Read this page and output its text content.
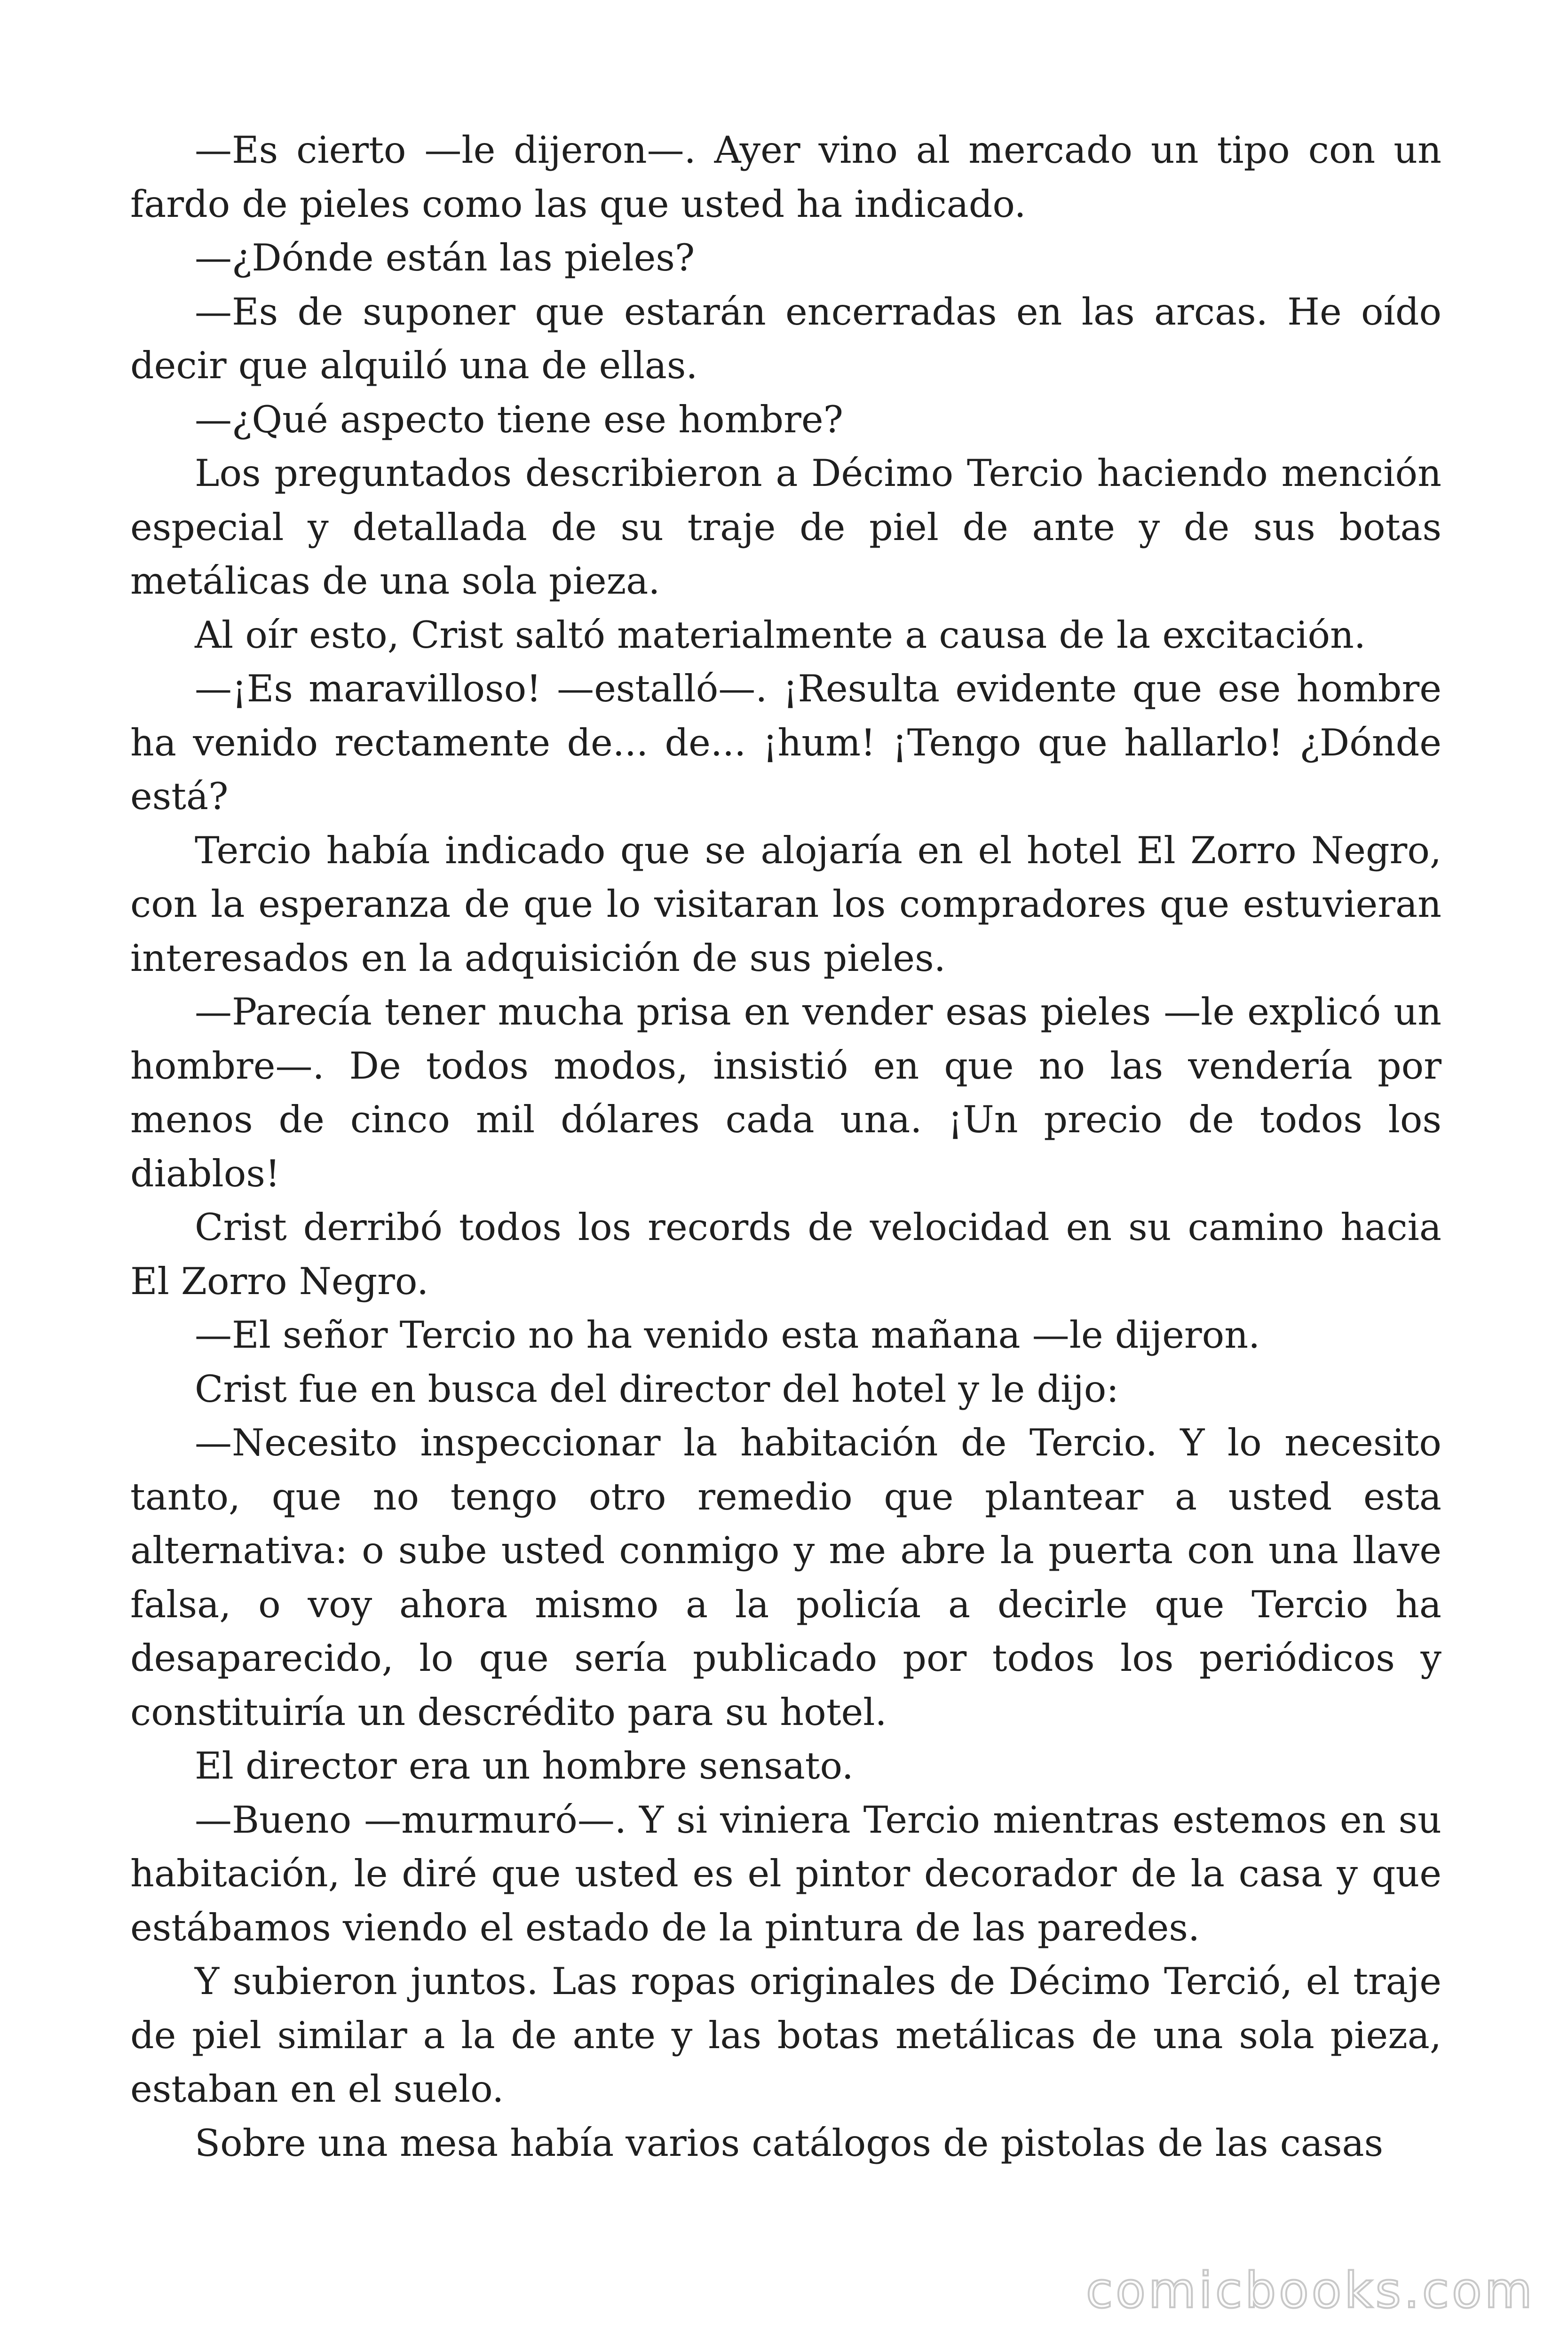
—Es cierto —le dijeron—. Ayer vino al mercado un tipo con un fardo de pieles como las que usted ha indicado.

—¿Dónde están las pieles?

—Es de suponer que estarán encerradas en las arcas. He oído decir que alquiló una de ellas.

—¿Qué aspecto tiene ese hombre?

Los preguntados describieron a Décimo Tercio haciendo mención especial y detallada de su traje de piel de ante y de sus botas metálicas de una sola pieza.

Al oír esto, Crist saltó materialmente a causa de la excitación.

—¡Es maravilloso! —estalló—. ¡Resulta evidente que ese hombre ha venido rectamente de... de... ¡hum! ¡Tengo que hallarlo! ¿Dónde está?

Tercio había indicado que se alojaría en el hotel El Zorro Negro, con la esperanza de que lo visitaran los compradores que estuvieran interesados en la adquisición de sus pieles.

—Parecía tener mucha prisa en vender esas pieles —le explicó un hombre—. De todos modos, insistió en que no las vendería por menos de cinco mil dólares cada una. ¡Un precio de todos los diablos!

Crist derribó todos los records de velocidad en su camino hacia El Zorro Negro.

—El señor Tercio no ha venido esta mañana —le dijeron.

Crist fue en busca del director del hotel y le dijo:

—Necesito inspeccionar la habitación de Tercio. Y lo necesito tanto, que no tengo otro remedio que plantear a usted esta alternativa: o sube usted conmigo y me abre la puerta con una llave falsa, o voy ahora mismo a la policía a decirle que Tercio ha desaparecido, lo que sería publicado por todos los periódicos y constituiría un descrédito para su hotel.

El director era un hombre sensato.

—Bueno —murmuró—. Y si viniera Tercio mientras estemos en su habitación, le diré que usted es el pintor decorador de la casa y que estábamos viendo el estado de la pintura de las paredes.

Y subieron juntos. Las ropas originales de Décimo Terció, el traje de piel similar a la de ante y las botas metálicas de una sola pieza, estaban en el suelo.

Sobre una mesa había varios catálogos de pistolas de las casas

comicbooks.com
